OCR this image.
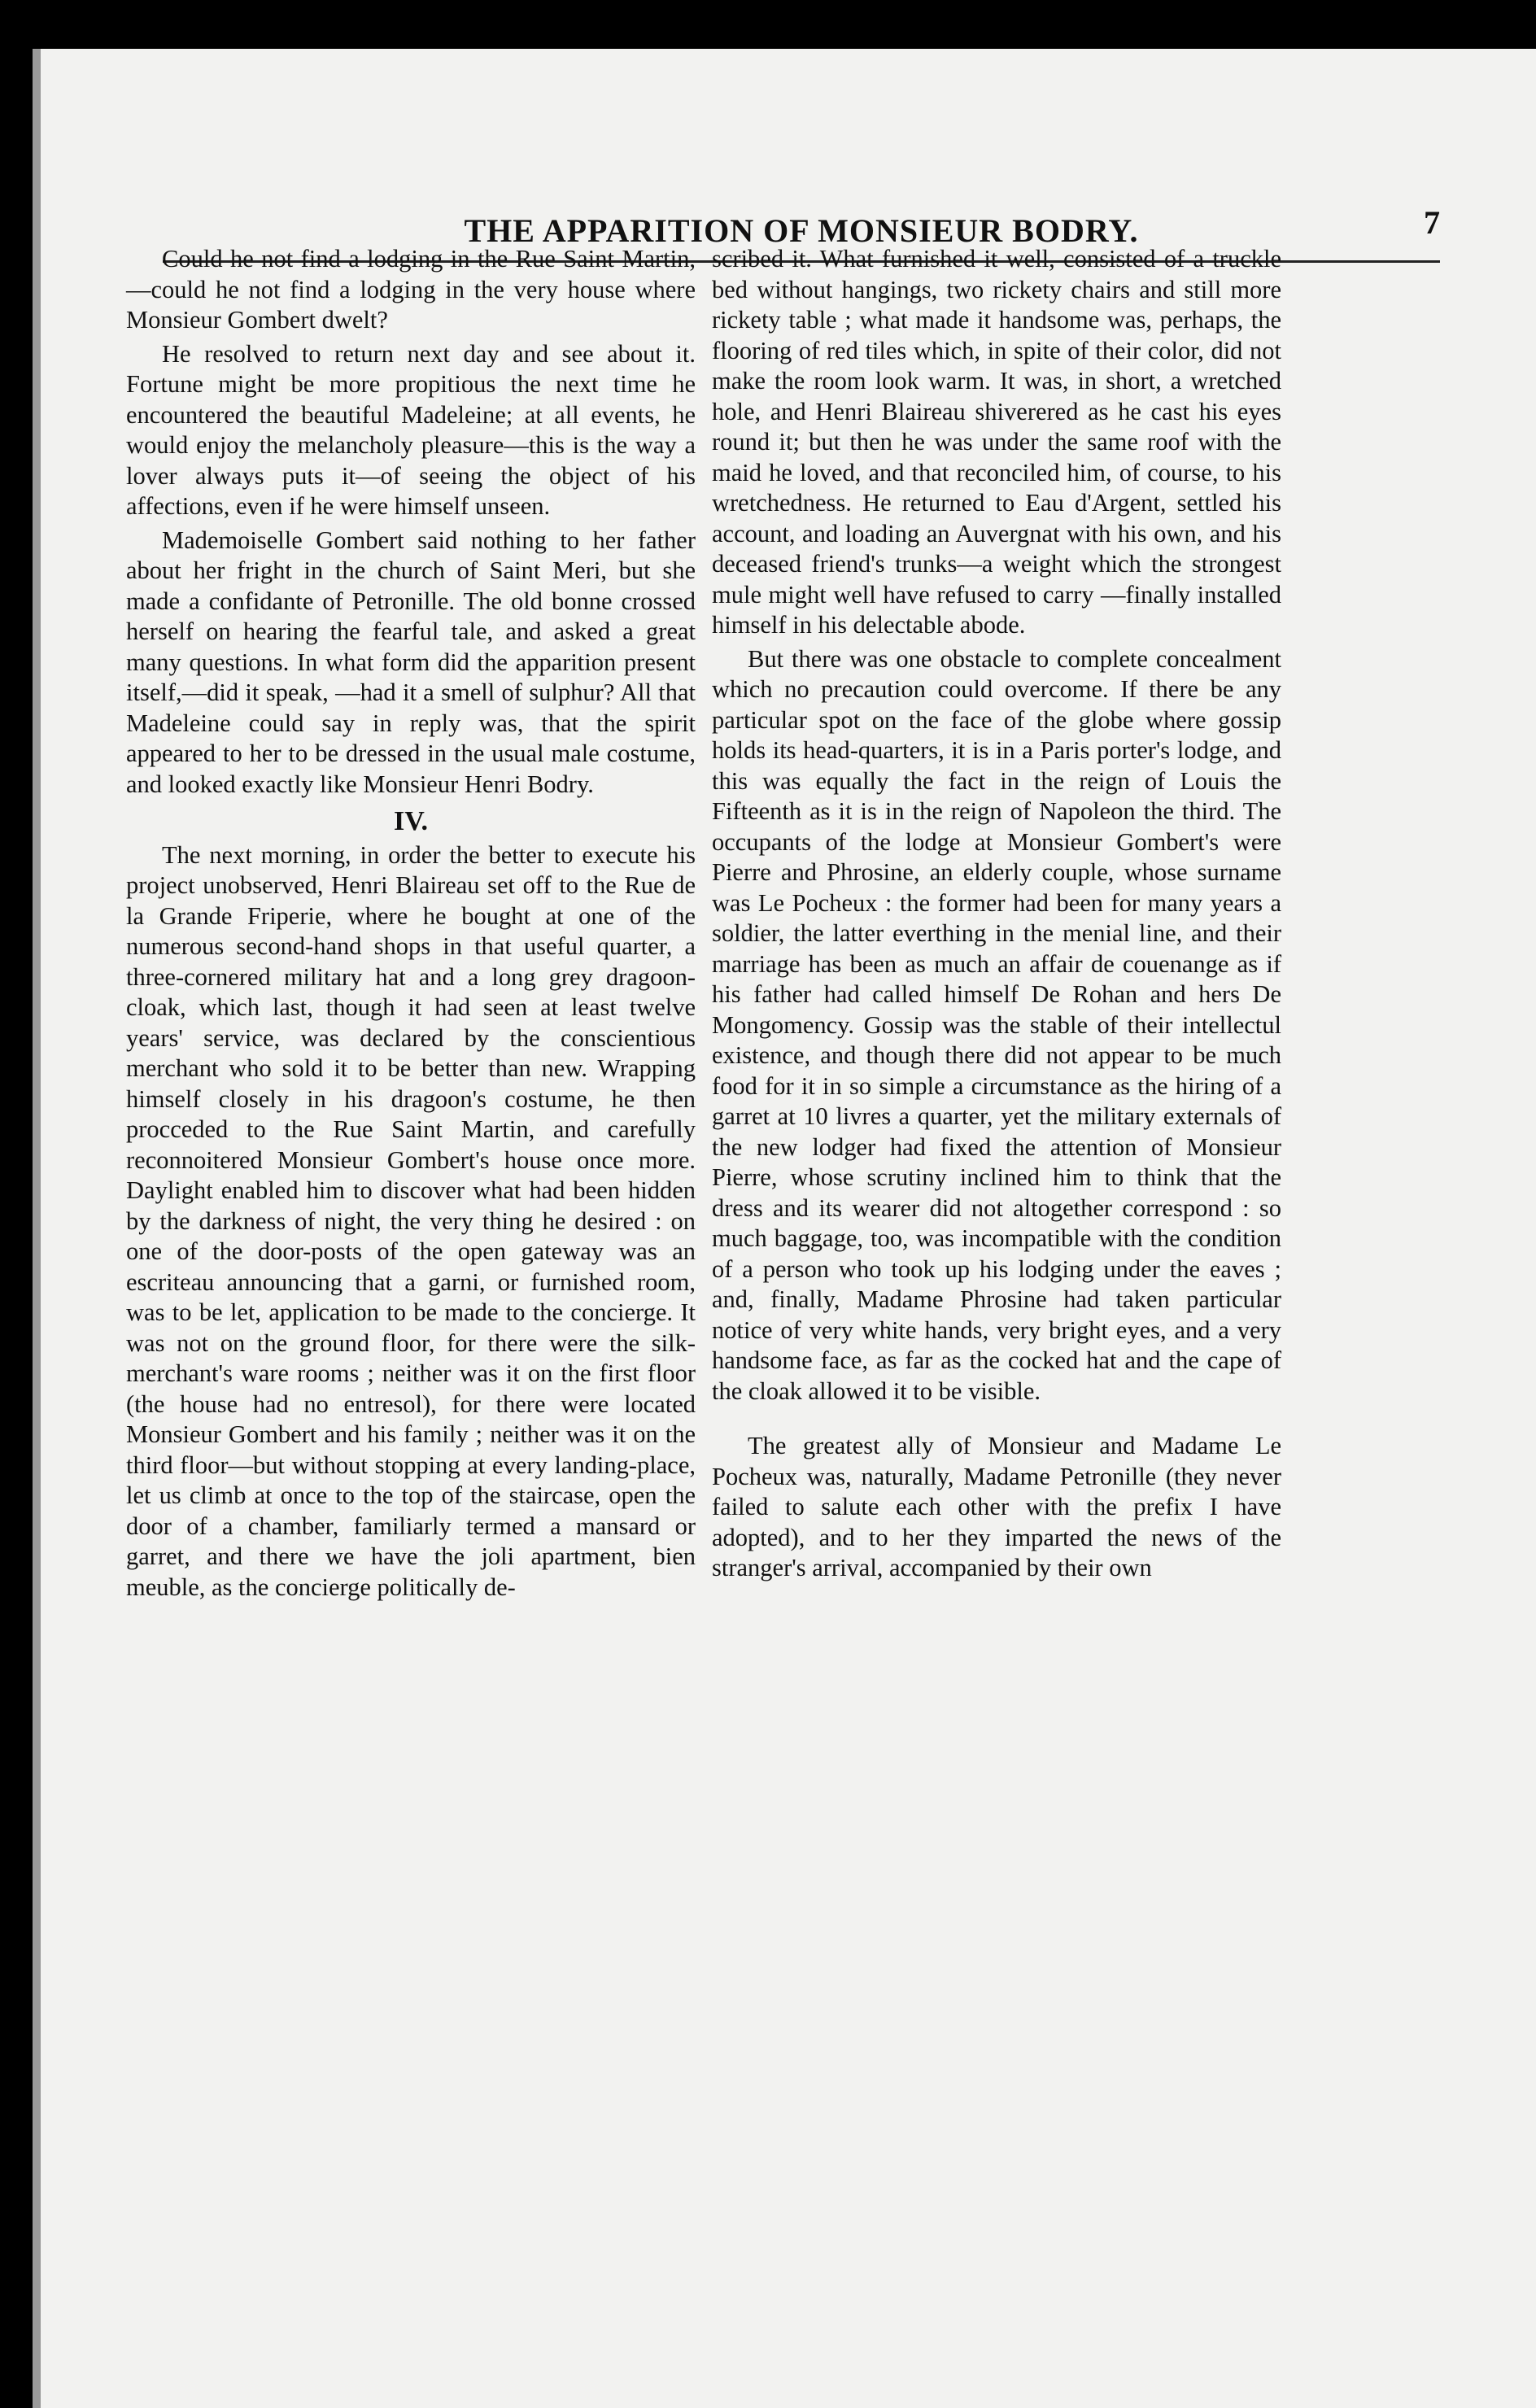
THE APPARITION OF MONSIEUR BODRY.	7

Could he not find a lodging in the Rue Saint Martin,—could he not find a lodging in the very house where Monsieur Gombert dwelt?

He resolved to return next day and see about it. Fortune might be more propitious the next time he encountered the beautiful Madeleine; at all events, he would enjoy the melancholy pleasure—this is the way a lover always puts it—of seeing the object of his affections, even if he were himself unseen.

Mademoiselle Gombert said nothing to her father about her fright in the church of Saint Meri, but she made a confidante of Petronille. The old bonne crossed herself on hearing the fearful tale, and asked a great many questions. In what form did the apparition present itself,—did it speak, —had it a smell of sulphur? All that Madeleine could say in reply was, that the spirit appeared to her to be dressed in the usual male costume, and looked exactly like Monsieur Henri Bodry.

IV.

The next morning, in order the better to execute his project unobserved, Henri Blaireau set off to the Rue de la Grande Friperie, where he bought at one of the numerous second-hand shops in that useful quarter, a three-cornered military hat and a long grey dragoon-cloak, which last, though it had seen at least twelve years' service, was declared by the conscientious merchant who sold it to be better than new. Wrapping himself closely in his dragoon's costume, he then procceded to the Rue Saint Martin, and carefully reconnoitered Monsieur Gombert's house once more. Daylight enabled him to discover what had been hidden by the darkness of night, the very thing he desired : on one of the door-posts of the open gateway was an escriteau announcing that a garni, or furnished room, was to be let, application to be made to the concierge. It was not on the ground floor, for there were the silk-merchant's ware rooms ; neither was it on the first floor (the house had no entresol), for there were located Monsieur Gombert and his family ; neither was it on the third floor—but without stopping at every landing-place, let us climb at once to the top of the staircase, open the door of a chamber, familiarly termed a mansard or garret, and there we have the joli apartment, bien meuble, as the concierge politically de-

scribed it. What furnished it well, consisted of a truckle bed without hangings, two rickety chairs and still more rickety table ; what made it handsome was, perhaps, the flooring of red tiles which, in spite of their color, did not make the room look warm. It was, in short, a wretched hole, and Henri Blaireau shiverered as he cast his eyes round it; but then he was under the same roof with the maid he loved, and that reconciled him, of course, to his wretchedness. He returned to Eau d'Argent, settled his account, and loading an Auvergnat with his own, and his deceased friend's trunks—a weight which the strongest mule might well have refused to carry —finally installed himself in his delectable abode.

But there was one obstacle to complete concealment which no precaution could overcome. If there be any particular spot on the face of the globe where gossip holds its head-quarters, it is in a Paris porter's lodge, and this was equally the fact in the reign of Louis the Fifteenth as it is in the reign of Napoleon the third. The occupants of the lodge at Monsieur Gombert's were Pierre and Phrosine, an elderly couple, whose surname was Le Pocheux : the former had been for many years a soldier, the latter everthing in the menial line, and their marriage has been as much an affair de couenange as if his father had called himself De Rohan and hers De Mongomency. Gossip was the stable of their intellectul existence, and though there did not appear to be much food for it in so simple a circumstance as the hiring of a garret at 10 livres a quarter, yet the military externals of the new lodger had fixed the attention of Monsieur Pierre, whose scrutiny inclined him to think that the dress and its wearer did not altogether correspond : so much baggage, too, was incompatible with the condition of a person who took up his lodging under the eaves ; and, finally, Madame Phrosine had taken particular notice of very white hands, very bright eyes, and a very handsome face, as far as the cocked hat and the cape of the cloak allowed it to be visible.

The greatest ally of Monsieur and Madame Le Pocheux was, naturally, Madame Petronille (they never failed to salute each other with the prefix I have adopted), and to her they imparted the news of the stranger's arrival, accompanied by their own
